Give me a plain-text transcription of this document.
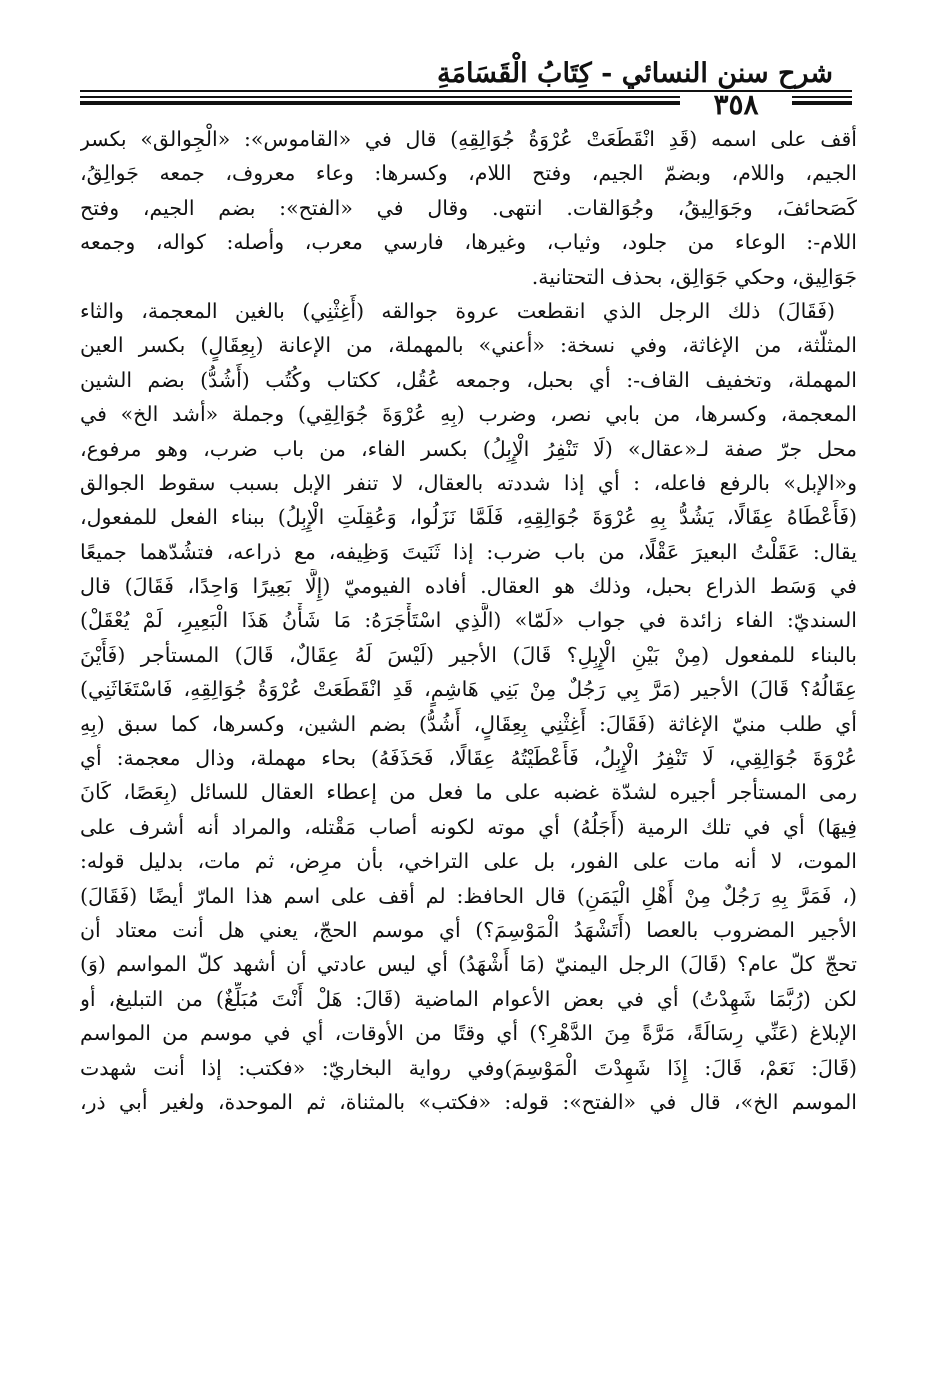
شرح سنن النسائي - كِتَابُ الْقَسَامَةِ
٣٥٨
أقف على اسمه (قَدِ انْقَطَعَتْ عُرْوَةُ جُوَالِقِهِ) قال في «القاموس»: «الْجِوالق» بكسر
الجيم، واللام، وبضمّ الجيم، وفتح اللام، وكسرها: وعاء معروف، جمعه جَوالِقُ،
كَصَحائفَ، وجَوَالِيقُ، وجُوَالقات. انتهى. وقال في «الفتح»: بضم الجيم، وفتح
اللام-: الوعاء من جلود، وثياب، وغيرها، فارسي معرب، وأصله: كواله، وجمعه
جَوَالِيق، وحكي جَوَالِق، بحذف التحتانية.
(فَقَالَ) ذلك الرجل الذي انقطعت عروة جوالقه (أَغِثْنِي) بالغين المعجمة، والثاء
المثلّثة، من الإغاثة، وفي نسخة: «أعني» بالمهملة، من الإعانة (بِعِقَالٍ) بكسر العين
المهملة، وتخفيف القاف-: أي بحبل، وجمعه عُقُل، ككتاب وكُتُب (أَشُدُّ) بضم الشين
المعجمة، وكسرها، من بابي نصر، وضرب (بِهِ عُرْوَةَ جُوَالِقِي) وجملة «أشد الخ» في
محل جرّ صفة لـ«عقال» (لَا تَنْفِرُ الْإِبِلُ) بكسر الفاء، من باب ضرب، وهو مرفوع،
و«الإبل» بالرفع فاعله، : أي إذا شددته بالعقال، لا تنفر الإبل بسبب سقوط الجوالق
(فَأَعْطَاهُ عِقَالًا، يَشُدُّ بِهِ عُرْوَةَ جُوَالِقِهِ، فَلَمَّا نَزَلُوا، وَعُقِلَتِ الْإِبِلُ) ببناء الفعل للمفعول،
يقال: عَقَلْتُ البعيرَ عَقْلًا، من باب ضرب: إذا ثَنَيتَ وَظِيفه، مع ذراعه، فتشُدّهما جميعًا
في وَسَط الذراع بحبل، وذلك هو العقال. أفاده الفيوميّ (إِلَّا بَعِيرًا وَاحِدًا، فَقَالَ) قال
السنديّ: الفاء زائدة في جواب «لَمّا» (الَّذِي اسْتَأْجَرَهُ: مَا شَأْنُ هَذَا الْبَعِيرِ، لَمْ يُعْقَلْ)
بالبناء للمفعول (مِنْ بَيْنِ الْإِبِلِ؟ قَالَ) الأجير (لَيْسَ لَهُ عِقَالٌ، قَالَ) المستأجر (فَأَيْنَ
عِقَالُهُ؟ قَالَ) الأجير (مَرَّ بِي رَجُلٌ مِنْ بَنِي هَاشِمٍ، قَدِ انْقَطَعَتْ عُرْوَةُ جُوَالِقِهِ، فَاسْتَغَاثَنِي)
أي طلب منيّ الإغاثة (فَقَالَ: أَغِثْنِي بِعِقَالٍ، أَشُدُّ) بضم الشين، وكسرها، كما سبق (بِهِ
عُرْوَةَ جُوَالِقِي، لَا تَنْفِرُ الْإِبِلُ، فَأَعْطَيْتُهُ عِقَالًا، فَحَذَفَهُ) بحاء مهملة، وذال معجمة: أي
رمى المستأجر أجيره لشدّة غضبه على ما فعل من إعطاء العقال للسائل (بِعَصًا، كَانَ
فِيهَا) أي في تلك الرمية (أَجَلُهُ) أي موته لكونه أصاب مَقْتله، والمراد أنه أشرف على
الموت، لا أنه مات على الفور، بل على التراخي، بأن مرِض، ثم مات، بدليل قوله:
(، فَمَرَّ بِهِ رَجُلٌ مِنْ أَهْلِ الْيَمَنِ) قال الحافظ: لم أقف على اسم هذا المارّ أيضًا (فَقَالَ)
الأجير المضروب بالعصا (أَتَشْهَدُ الْمَوْسِمَ؟) أي موسم الحجّ، يعني هل أنت معتاد أن
تحجّ كلّ عام؟ (قَالَ) الرجل اليمنيّ (مَا أَشْهَدُ) أي ليس عادتي أن أشهد كلّ المواسم (وَ)
لكن (رُبَّمَا شَهِدْتُ) أي في بعض الأعوام الماضية (قَالَ: هَلْ أَنْتَ مُبَلِّغٌ) من التبليغ، أو
الإبلاغ (عَنِّي رِسَالَةً، مَرَّةً مِنَ الدَّهْرِ؟) أي وقتًا من الأوقات، أي في موسم من المواسم
(قَالَ: نَعَمْ، قَالَ: إِذَا شَهِدْتَ الْمَوْسِمَ)وفي رواية البخاريّ: «فكتب: إذا أنت شهدت
الموسم الخ»، قال في «الفتح»: قوله: «فكتب» بالمثناة، ثم الموحدة، ولغير أبي ذر،
